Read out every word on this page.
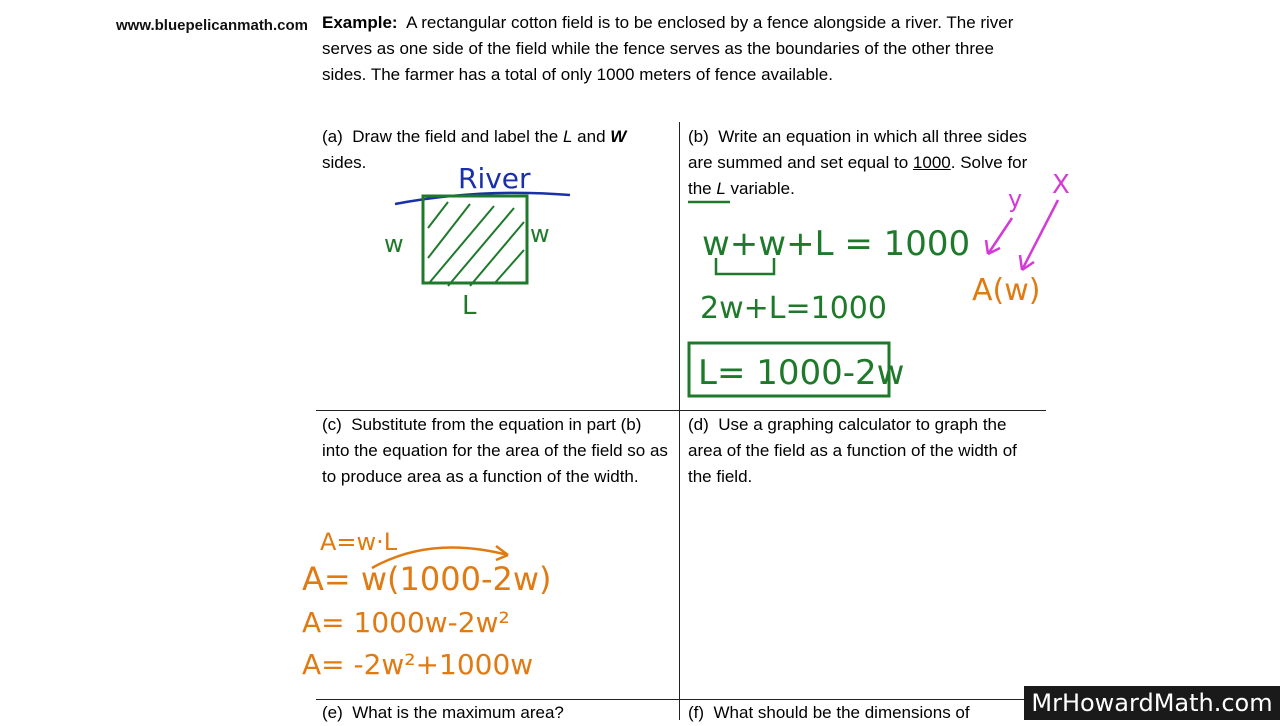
www.bluepelicanmath.com Example: A rectangular cotton field is to be enclosed by a fence alongside a river. The river serves as one side of the field while the fence serves as the boundaries of the other three sides. The farmer has a total of only 1000 meters of fence available.
(a) Draw the field and label the L and W sides.
(b) Write an equation in which all three sides are summed and set equal to 1000. Solve for the L variable.
(c) Substitute from the equation in part (b) into the equation for the area of the field so as to produce area as a function of the width.
(d) Use a graphing calculator to graph the area of the field as a function of the width of the field.
(e) What is the maximum area?	(f) What should be the dimensions of
River
w	w
L
w+w+L = 1000
2w+L=1000
L= 1000-2w
y X
A(w)
A=w·L
A= w(1000-2w)
A= 1000w-2w²
A= -2w²+1000w
MrHowardMath.com
